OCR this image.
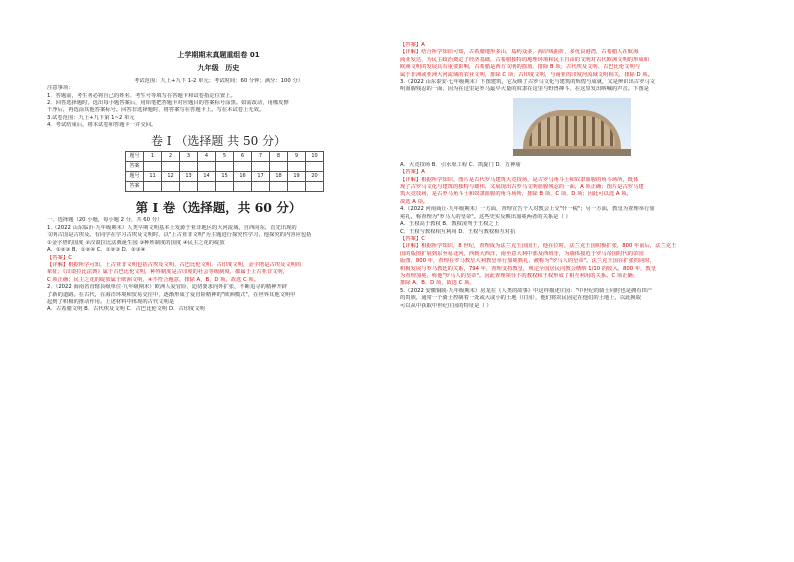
上学期期末真题重组卷 01
九年级 历史
考试范围：九上+九下 1-2 单元；考试时间：60 分钟；满分：100 分）
注意事项：
1．答题前，考生务必将自己的姓名、考生号等填写在答题卡和试卷指定位置上。
2．回答选择题时，选出每小题答案后，用铅笔把答题卡对应题目的答案标号涂黑。如需改动，用橡皮擦
干净后，再选涂其他答案标号。回答非选择题时，将答案写在答题卡上。写在本试卷上无效。
3.试卷范围：九上+九下第 1~2 单元
4．考试结束后，将本试卷和答题卡一并交回。
卷 I （选择题 共 50 分）
题号	1	2	3	4	5	6	7	8	9	10
答案										
题号	11	12	13	14	15	16	17	18	19	20
答案										
第 I 卷（选择题，共 60 分）
一、选择题（20 小题，每小题 2 分，共 60 分）
1.（2022 山东临沂·九年级期末）人类早期文明基本上发源于亚非地区的大河流域，自西向东，首先出现的
文明古国是古埃及。有同学在学习古埃及文明时，以"上古亚非文明"为主题进行探究性学习，他探究的内容应包括
①金字塔的国度 ②汉谟拉比法典诞生国 ③种姓制度的国度 ④民主之花的绽放
A．①②③ B．①②④ C．①②③ D．②③④
【答案】C
【详解】根据所学可知，上古亚非文明包括古埃及文明、古巴比伦文明、古印度文明，金字塔是古埃及文明的
象征；《汉谟拉比法典》属于古巴比伦文明，种姓制度是古印度的社会等级制度，都属于上古亚非文明，
C 项正确；民主之花的绽放属于欧洲文明，④不符合题意，排除 A、B、D 项。故选 C 项。
2．（2022 海南省直辖县级单位·九年级期末）欧洲人爱冒险，迫切要求向外扩张，不断追寻的精神开辟
了新的道路。在古代，在海洋环境和贸易交往中，逐渐形成了爱冒险精神的"欧洲模式"，在世界其他文明中
起到了积极的推动作用。上述材料中体现的古代文明是
A．古希腊文明 B．古代埃及文明 C．古巴比伦文明 D．古印度文明
【答案】A
【详解】结合所学知识可知，古希腊地形多山，島屿众多，海岸线曲折，多优良港湾，古希腊人在航海
商业发达，为民主政治奠定了经济基础，古希腊独特的地理环境和民主自由的文明对古代欧洲文明的形成和
欧洲文明的发展具有重要影响，古希腊是西方文明的摇篮，排除 B 项；古代埃及文明、古巴比伦文明与
属于非洲或亚洲大河流域的农业文明，排除 C 项；古印度文明，与南亚的印度河流域文明相关，排除 D 项。
3.（2022 山东泰安·七年级期末）下图建筑，它反映了古罗马文化与建筑的辉煌与成就，又是辨识出古罗马文
明血腥残忍的一面，因为在这里是罗马最早大量的奴隶在这里与野兽搏斗、在这里发出呐喊的声音。下图是
A．大竞技场 B．引水渠工程 C．凯旋门 D．万神庙
【答案】A
【详解】根据所学知识，图片是古代罗马建筑大竞技场，是古罗马角斗士和奴隶血腥的角斗场所，既体
现了古罗马文化与建筑的独特与雄伟，又展现出古罗马文明血腥残忍的一面，A 项正确；图片是古罗马建
筑大竞技场，是古罗马角斗士和奴隶血腥的角斗场所，排除 B 项、C 项、D 项；因此可以选 A 项。
故选 A 项。
4.（2022 河南商丘·九年级期末）一方面，查理宣告个人对教会上交"什一税"；另一方面，教皇为查理举行加
冕礼，称查理为"罗马人的皇帝"。这些史实反映出加冕两者的关系是（ ）
A．王权高于教权 B．教权凌驾于王权之上
C．王权与教权相互利用 D．王权与教权相互对抗
【答案】C
【详解】根据所学知识，8 世纪，查理成为法兰克王国国王，他在位时，法兰克王国积极扩张，800 年前后，法兰克王
国的版图扩展到东至易北河，西到大西洋，南至意大利中部及西班牙，为墙体接近于罗马帝国时代的帝国
版图，800 年，查理在罗马教皇大利教皇举行加冕典礼，被称为"罗马人的皇帝"。法兰克王国在扩张的同时，
积极发展与罗马教廷的关系，794 年，查理支持教皇，规定全国居民向教会缴纳 1/10 的收入，800 年，教皇
为查理加冕，称他"罗马人的皇帝"。因此查理领导下的教权和王权形成了相互利用的关系。C 项正确；
排除 A、B、D 项，故选 C 项。
5.（2022 安徽铜陵·九年级期末）房龙在《人类的故事》中这样描述庄园："中世纪的骑士同时也是拥有田产
的贵族，通常一个骑士控制着一处或大或小的土地（庄园），他们将农民固定在他们的土地上，以此换取
可以从中获取中世纪庄园的特征是（ ）
